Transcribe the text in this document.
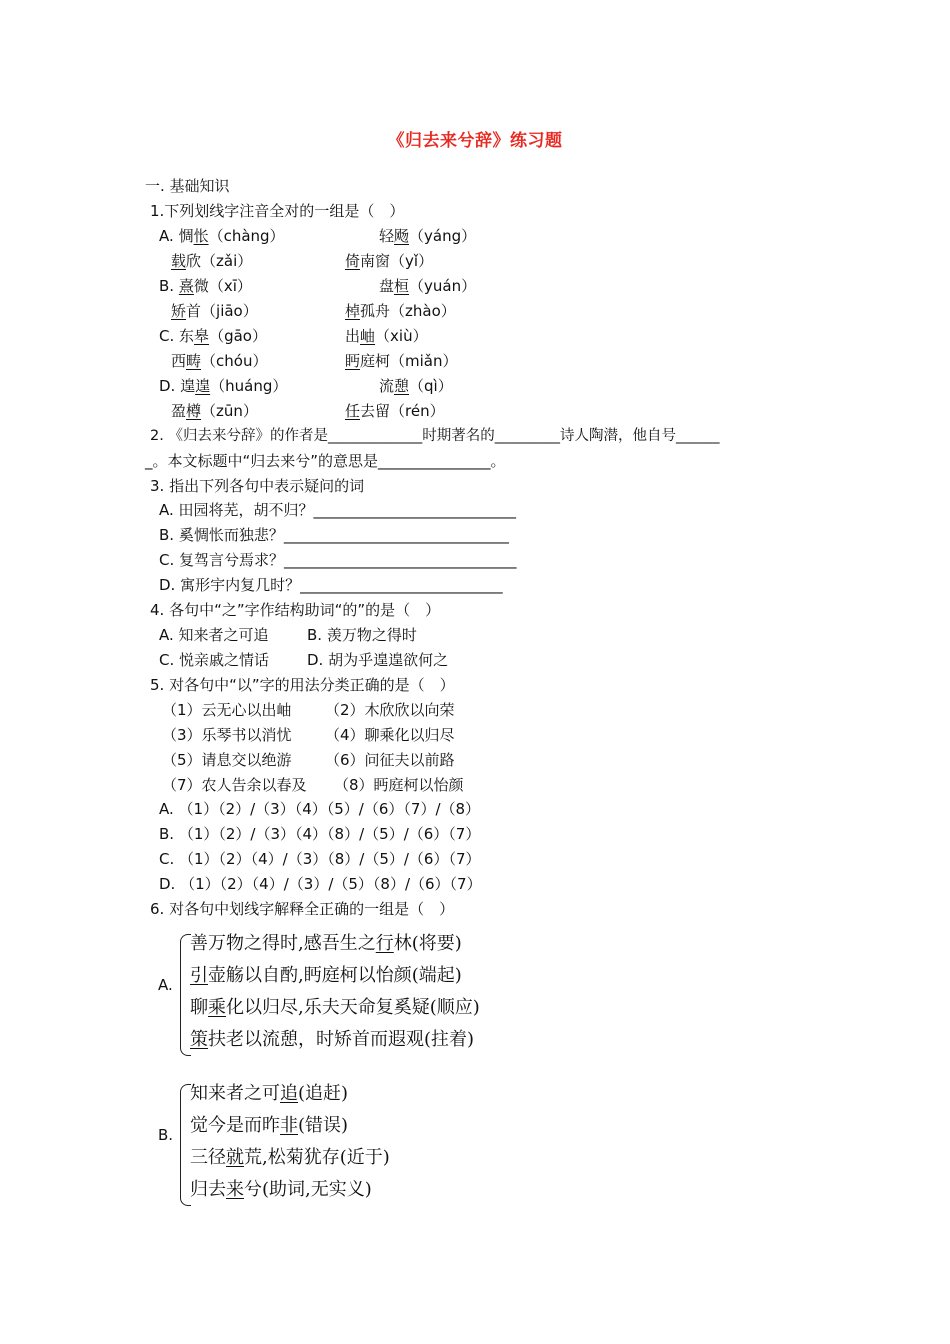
《归去来兮辞》练习题
一. 基础知识
1.下列划线字注音全对的一组是（　）
A. 惆怅（chàng）	轻飏（yáng）
载欣（zǎi）	倚南窗（yǐ）
B. 熹微（xī）	盘桓（yuán）
矫首（jiāo）	棹孤舟（zhào）
C. 东皋（gāo）	出岫（xiù）
西畴（chóu）	眄庭柯（miǎn）
D. 遑遑（huáng）	流憩（qì）
盈樽（zūn）	任去留（rén）
2. 《归去来兮辞》的作者是_____________时期著名的_________诗人陶潜，他自号______
_。本文标题中“归去来兮”的意思是_______________。
3. 指出下列各句中表示疑问的词
A. 田园将芜，胡不归？___________________________
B. 奚惆怅而独悲？______________________________
C. 复驾言兮焉求？_______________________________
D. 寓形宇内复几时？___________________________
4. 各句中“之”字作结构助词“的”的是（　）
A. 知来者之可追	B. 羡万物之得时
C. 悦亲戚之情话	D. 胡为乎遑遑欲何之
5. 对各句中“以”字的用法分类正确的是（　）
（1）云无心以出岫 （2）木欣欣以向荣
（3）乐琴书以消忧 （4）聊乘化以归尽
（5）请息交以绝游 （6）问征夫以前路
（7）农人告余以春及 （8）眄庭柯以怡颜
A. （1）（2）/（3）（4）（5）/（6）（7）/（8）
B. （1）（2）/（3）（4）（8）/（5）/（6）（7）
C. （1）（2）（4）/（3）（8）/（5）/（6）（7）
D. （1）（2）（4）/（3）/（5）（8）/（6）（7）
6. 对各句中划线字解释全正确的一组是（　）
A.
善万物之得时,感吾生之行林(将要)
引壶觞以自酌,眄庭柯以怡颜(端起)
聊乘化以归尽,乐夫天命复奚疑(顺应)
策扶老以流憩，时矫首而遐观(拄着)
B.
知来者之可追(追赶)
觉今是而昨非(错误)
三径就荒,松菊犹存(近于)
归去来兮(助词,无实义)
